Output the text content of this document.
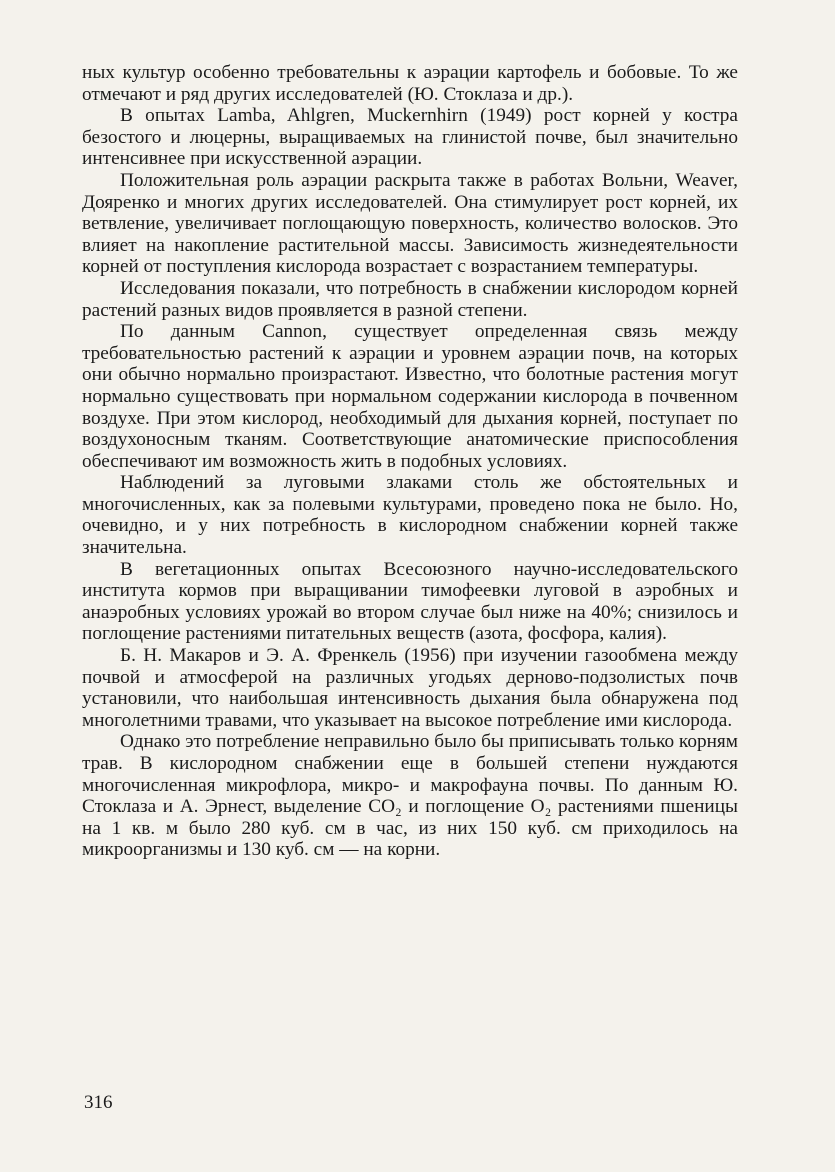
ных культур особенно требовательны к аэрации картофель и бобовые. То же отмечают и ряд других исследователей (Ю. Стоклаза и др.).

В опытах Lamba, Ahlgren, Muckernhirn (1949) рост корней у костра безостого и люцерны, выращиваемых на глинистой почве, был значительно интенсивнее при искусственной аэрации.

Положительная роль аэрации раскрыта также в работах Вольни, Weaver, Дояренко и многих других исследователей. Она стимулирует рост корней, их ветвление, увеличивает поглощающую поверхность, количество волосков. Это влияет на накопление растительной массы. Зависимость жизнедеятельности корней от поступления кислорода возрастает с возрастанием температуры.

Исследования показали, что потребность в снабжении кислородом корней растений разных видов проявляется в разной степени.

По данным Cannon, существует определенная связь между требовательностью растений к аэрации и уровнем аэрации почв, на которых они обычно нормально произрастают. Известно, что болотные растения могут нормально существовать при нормальном содержании кислорода в почвенном воздухе. При этом кислород, необходимый для дыхания корней, поступает по воздухоносным тканям. Соответствующие анатомические приспособления обеспечивают им возможность жить в подобных условиях.

Наблюдений за луговыми злаками столь же обстоятельных и многочисленных, как за полевыми культурами, проведено пока не было. Но, очевидно, и у них потребность в кислородном снабжении корней также значительна.

В вегетационных опытах Всесоюзного научно-исследовательского института кормов при выращивании тимофеевки луговой в аэробных и анаэробных условиях урожай во втором случае был ниже на 40%; снизилось и поглощение растениями питательных веществ (азота, фосфора, калия).

Б. Н. Макаров и Э. А. Френкель (1956) при изучении газообмена между почвой и атмосферой на различных угодьях дерново-подзолистых почв установили, что наибольшая интенсивность дыхания была обнаружена под многолетними травами, что указывает на высокое потребление ими кислорода.

Однако это потребление неправильно было бы приписывать только корням трав. В кислородном снабжении еще в большей степени нуждаются многочисленная микрофлора, микро- и макрофауна почвы. По данным Ю. Стоклаза и А. Эрнест, выделение CO₂ и поглощение O₂ растениями пшеницы на 1 кв. м было 280 куб. см в час, из них 150 куб. см приходилось на микроорганизмы и 130 куб. см — на корни.

316
